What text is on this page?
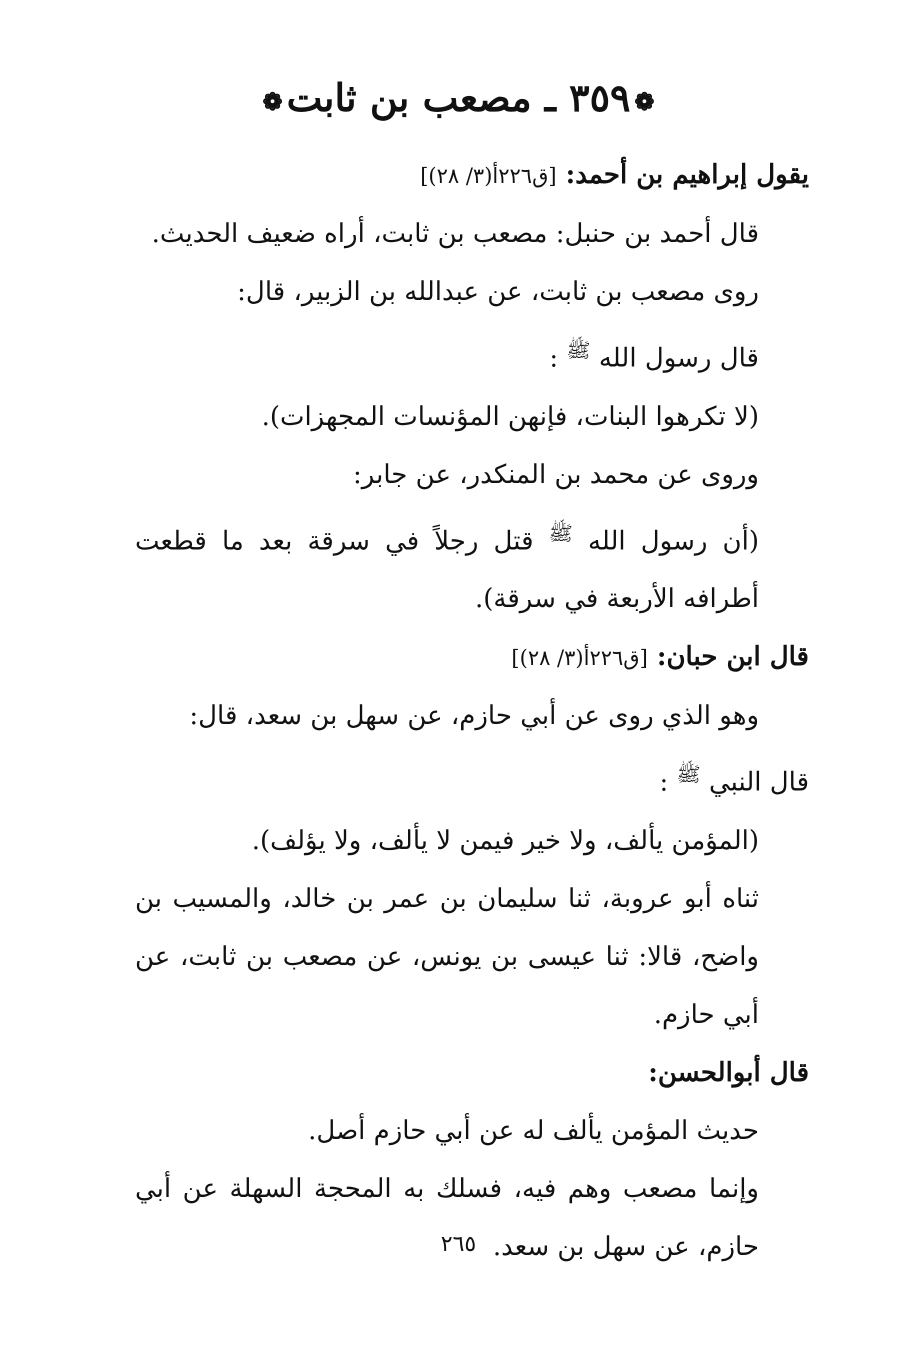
❁٣٥٩ ـ مصعب بن ثابت❁

يقول إبراهيم بن أحمد: [ق٢٢٦أ(٣/ ٢٨)]

قال أحمد بن حنبل: مصعب بن ثابت، أراه ضعيف الحديث.

روى مصعب بن ثابت، عن عبدالله بن الزبير، قال:

قال رسول الله $^ﷺ$ :

(لا تكرهوا البنات، فإنهن المؤنسات المجهزات).

وروى عن محمد بن المنكدر، عن جابر:

(أن رسول الله $^ﷺ$ قتل رجلاً في سرقة بعد ما قطعت أطرافه الأربعة في سرقة).

قال ابن حبان: [ق٢٢٦أ(٣/ ٢٨)]

وهو الذي روى عن أبي حازم، عن سهل بن سعد، قال:

قال النبي $^ﷺ$ :

(المؤمن يألف، ولا خير فيمن لا يألف، ولا يؤلف).

ثناه أبو عروبة، ثنا سليمان بن عمر بن خالد، والمسيب بن واضح، قالا: ثنا عيسى بن يونس، عن مصعب بن ثابت، عن أبي حازم.

قال أبوالحسن:

حديث المؤمن يألف له عن أبي حازم أصل.

وإنما مصعب وهم فيه، فسلك به المحجة السهلة عن أبي حازم، عن سهل بن سعد.

٢٦٥
